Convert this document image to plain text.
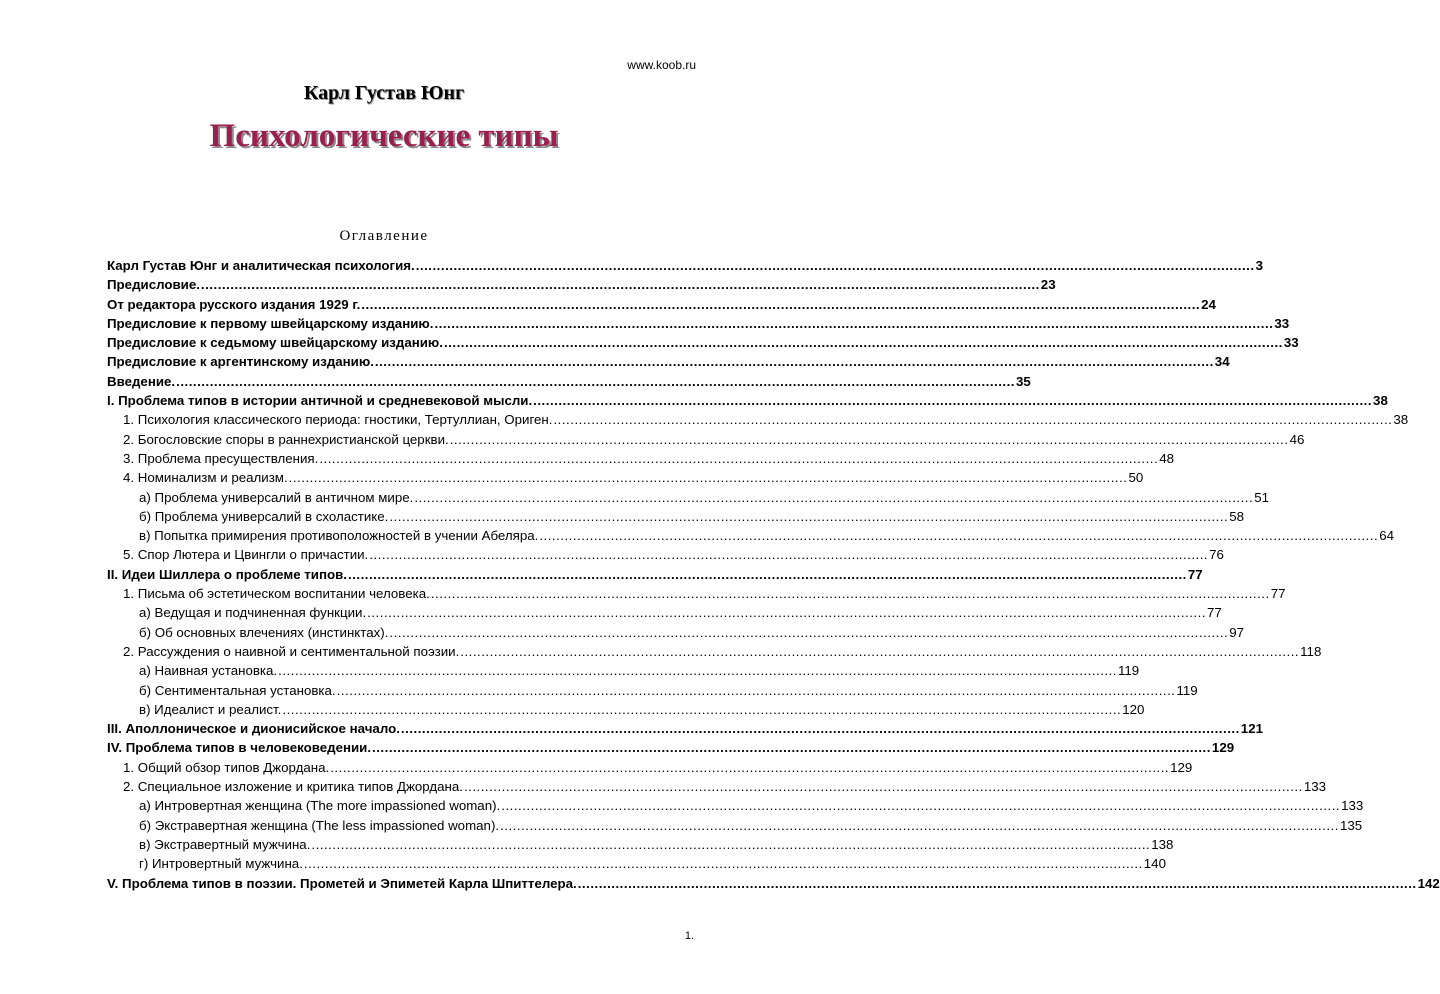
www.koob.ru
Карл Густав Юнг
Психологические типы
Оглавление
Карл Густав Юнг и аналитическая психология. .....	3
Предисловие. .....	23
От редактора русского издания 1929 г. .....	24
Предисловие к первому швейцарскому изданию. .....	33
Предисловие к седьмому швейцарскому изданию. .....	33
Предисловие к аргентинскому изданию. .....	34
Введение. .....	35
I. Проблема типов в истории античной и средневековой мысли. .....	38
1. Психология классического периода: гностики, Тертуллиан, Ориген. .....	38
2. Богословские споры в раннехристианской церкви. .....	46
3. Проблема пресуществления. .....	48
4. Номинализм и реализм. .....	50
а) Проблема универсалий в античном мире. .....	51
б) Проблема универсалий в схоластике. .....	58
в) Попытка примирения противоположностей в учении Абеляра. .....	64
5. Спор Лютера и Цвингли о причастии. .....	76
II. Идеи Шиллера о проблеме типов. .....	77
1. Письма об эстетическом воспитании человека. .....	77
а) Ведущая и подчиненная функции. .....	77
б) Об основных влечениях (инстинктах). .....	97
2. Рассуждения о наивной и сентиментальной поэзии. .....	118
а) Наивная установка. .....	119
б) Сентиментальная установка. .....	119
в) Идеалист и реалист. .....	120
III. Аполлоническое и дионисийское начало. .....	121
IV. Проблема типов в человековедении. .....	129
1. Общий обзор типов Джордана. .....	129
2. Специальное изложение и критика типов Джордана. .....	133
а) Интровертная женщина (The more impassioned woman). .....	133
б) Экстравертная женщина (The less impassioned woman). .....	135
в) Экстравертный мужчина. .....	138
г) Интровертный мужчина. .....	140
V. Проблема типов в поэзии. Прометей и Эпиметей Карла Шпиттелера. .....	142
1.
